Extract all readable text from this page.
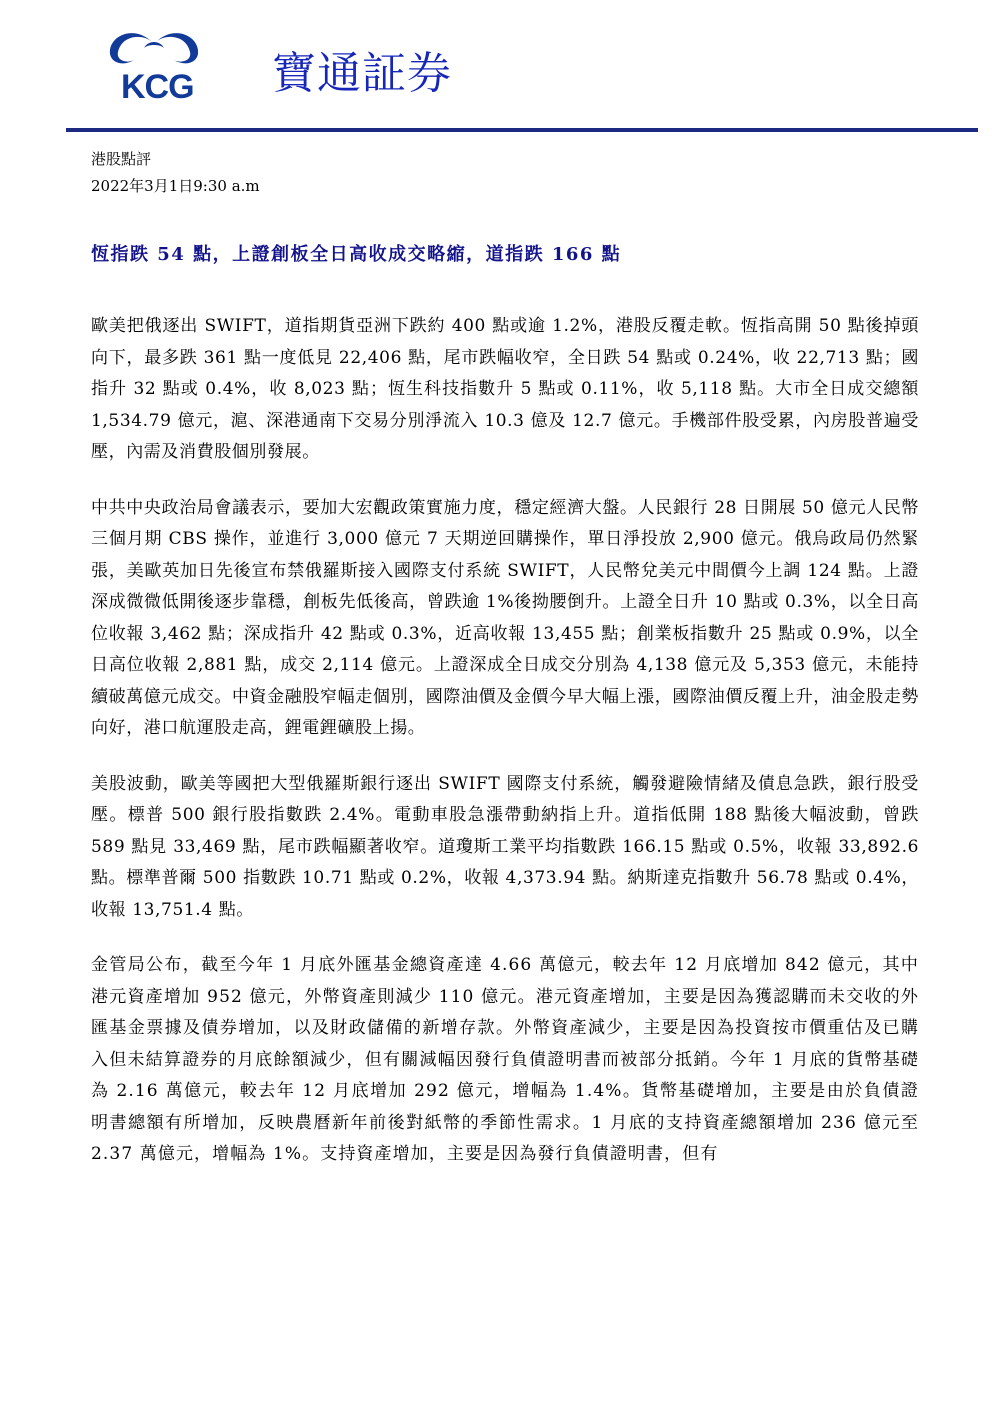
KCG 寶通証券
港股點評
2022年3月1日9:30 a.m
恆指跌 54 點，上證創板全日高收成交略縮，道指跌 166 點

歐美把俄逐出 SWIFT，道指期貨亞洲下跌約 400 點或逾 1.2%，港股反覆走軟。恆指高開 50 點後掉頭向下，最多跌 361 點一度低見 22,406 點，尾市跌幅收窄，全日跌 54 點或 0.24%，收 22,713 點；國指升 32 點或 0.4%，收 8,023 點；恆生科技指數升 5 點或 0.11%，收 5,118 點。大市全日成交總額 1,534.79 億元，滬、深港通南下交易分別淨流入 10.3 億及 12.7 億元。手機部件股受累，內房股普遍受壓，內需及消費股個別發展。

中共中央政治局會議表示，要加大宏觀政策實施力度，穩定經濟大盤。人民銀行 28 日開展 50 億元人民幣三個月期 CBS 操作，並進行 3,000 億元 7 天期逆回購操作，單日淨投放 2,900 億元。俄烏政局仍然緊張，美歐英加日先後宣布禁俄羅斯接入國際支付系統 SWIFT，人民幣兌美元中間價今上調 124 點。上證深成微微低開後逐步靠穩，創板先低後高，曾跌逾 1%後拗腰倒升。上證全日升 10 點或 0.3%，以全日高位收報 3,462 點；深成指升 42 點或 0.3%，近高收報 13,455 點；創業板指數升 25 點或 0.9%，以全日高位收報 2,881 點，成交 2,114 億元。上證深成全日成交分別為 4,138 億元及 5,353 億元，未能持續破萬億元成交。中資金融股窄幅走個別，國際油價及金價今早大幅上漲，國際油價反覆上升，油金股走勢向好，港口航運股走高，鋰電鋰礦股上揚。

美股波動，歐美等國把大型俄羅斯銀行逐出 SWIFT 國際支付系統，觸發避險情緒及債息急跌，銀行股受壓。標普 500 銀行股指數跌 2.4%。電動車股急漲帶動納指上升。道指低開 188 點後大幅波動，曾跌 589 點見 33,469 點，尾市跌幅顯著收窄。道瓊斯工業平均指數跌 166.15 點或 0.5%，收報 33,892.6 點。標準普爾 500 指數跌 10.71 點或 0.2%，收報 4,373.94 點。納斯達克指數升 56.78 點或 0.4%，收報 13,751.4 點。

金管局公布，截至今年 1 月底外匯基金總資產達 4.66 萬億元，較去年 12 月底增加 842 億元，其中港元資產增加 952 億元，外幣資產則減少 110 億元。港元資產增加，主要是因為獲認購而未交收的外匯基金票據及債券增加，以及財政儲備的新增存款。外幣資產減少，主要是因為投資按市價重估及已購入但未結算證券的月底餘額減少，但有關減幅因發行負債證明書而被部分抵銷。今年 1 月底的貨幣基礎為 2.16 萬億元，較去年 12 月底增加 292 億元，增幅為 1.4%。貨幣基礎增加，主要是由於負債證明書總額有所增加，反映農曆新年前後對紙幣的季節性需求。1 月底的支持資產總額增加 236 億元至 2.37 萬億元，增幅為 1%。支持資產增加，主要是因為發行負債證明書，但有
